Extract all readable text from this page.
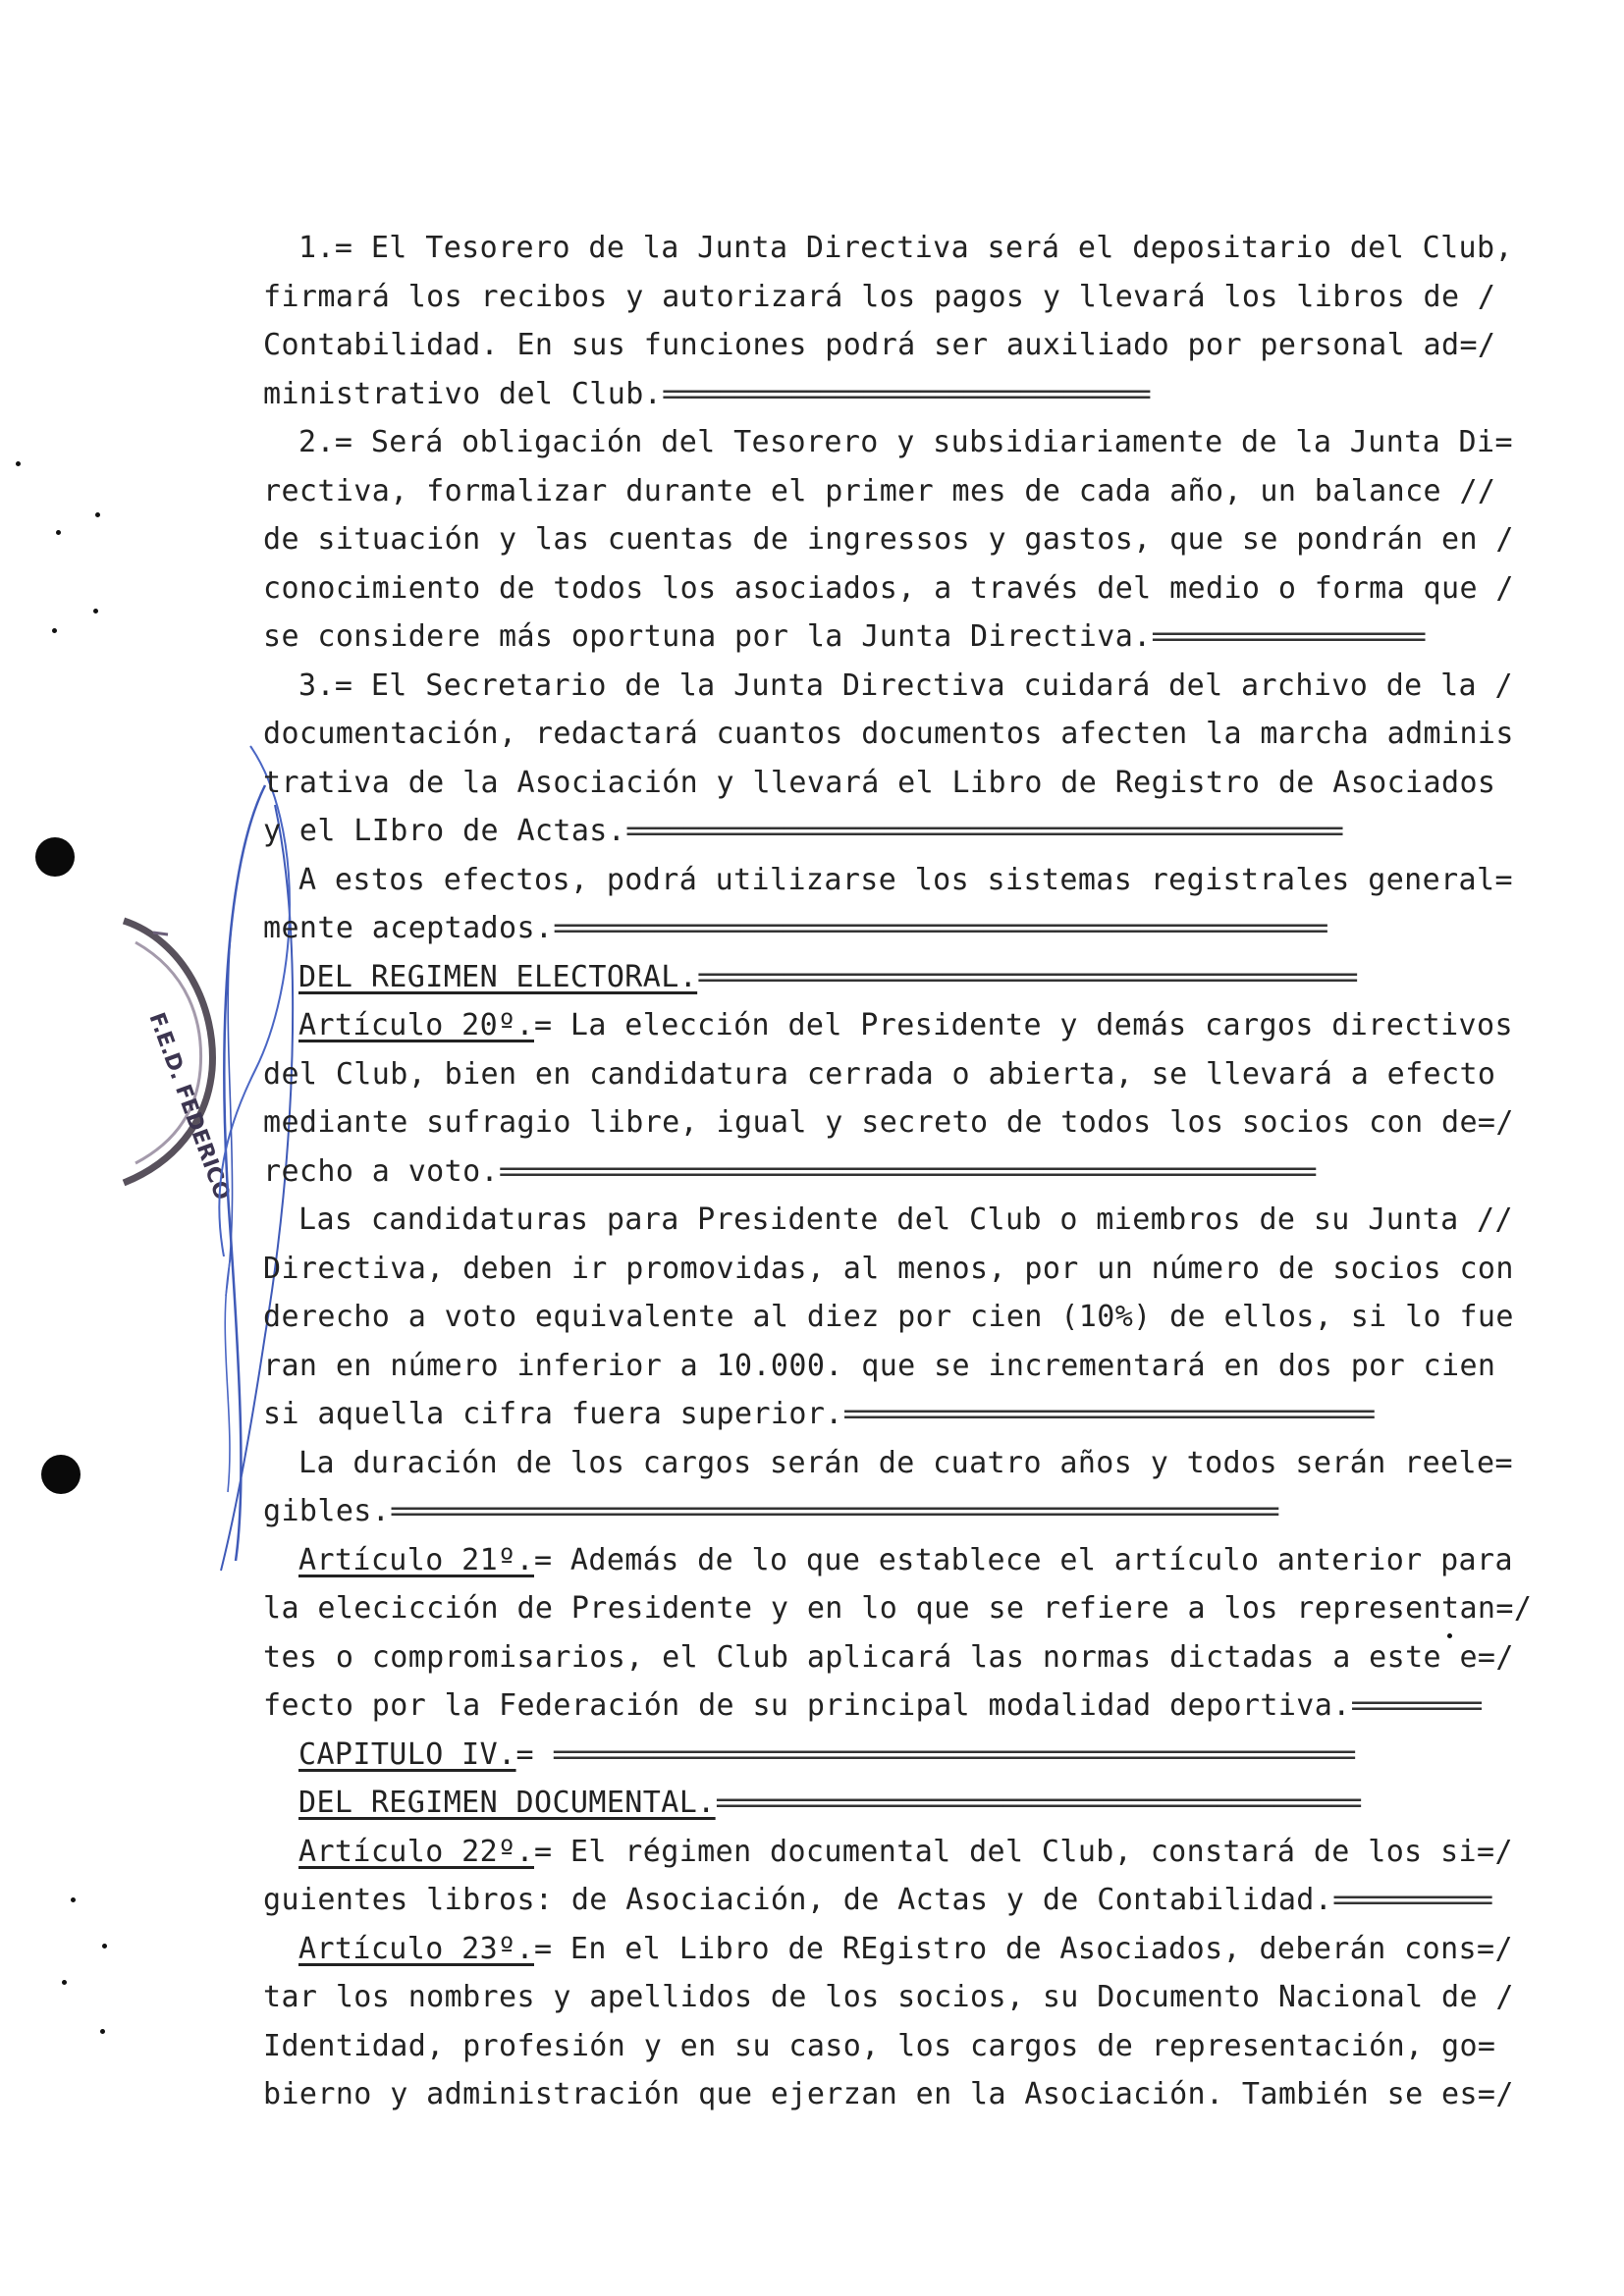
F.E.D. FEDERICO
1.= El Tesorero de la Junta Directiva será el depositario del Club,
firmará los recibos y autorizará los pagos y llevará los libros de /
Contabilidad. En sus funciones podrá ser auxiliado por personal ad=/
ministrativo del Club.==================================
2.= Será obligación del Tesorero y subsidiariamente de la Junta Di=
rectiva, formalizar durante el primer mes de cada año, un balance //
de situación y las cuentas de ingressos y gastos, que se pondrán en /
conocimiento de todos los asociados, a través del medio o forma que /
se considere más oportuna por la Junta Directiva.===================
3.= El Secretario de la Junta Directiva cuidará del archivo de la /
documentación, redactará cuantos documentos afecten la marcha adminis
trativa de la Asociación y llevará el Libro de Registro de Asociados
y el LIbro de Actas.==================================================
A estos efectos, podrá utilizarse los sistemas registrales general=
mente aceptados.======================================================
DEL REGIMEN ELECTORAL.==============================================
Artículo 20º.= La elección del Presidente y demás cargos directivos
del Club, bien en candidatura cerrada o abierta, se llevará a efecto
mediante sufragio libre, igual y secreto de todos los socios con de=/
recho a voto.=========================================================
Las candidaturas para Presidente del Club o miembros de su Junta //
Directiva, deben ir promovidas, al menos, por un número de socios con
derecho a voto equivalente al diez por cien (10%) de ellos, si lo fue
ran en número inferior a 10.000. que se incrementará en dos por cien
si aquella cifra fuera superior.=====================================
La duración de los cargos serán de cuatro años y todos serán reele=
gibles.==============================================================
Artículo 21º.= Además de lo que establece el artículo anterior para
la elecicción de Presidente y en lo que se refiere a los representan=/
tes o compromisarios, el Club aplicará las normas dictadas a este e=/
fecto por la Federación de su principal modalidad deportiva.=========
CAPITULO IV.= ========================================================
DEL REGIMEN DOCUMENTAL.=============================================
Artículo 22º.= El régimen documental del Club, constará de los si=/
guientes libros: de Asociación, de Actas y de Contabilidad.===========
Artículo 23º.= En el Libro de REgistro de Asociados, deberán cons=/
tar los nombres y apellidos de los socios, su Documento Nacional de /
Identidad, profesión y en su caso, los cargos de representación, go=
bierno y administración que ejerzan en la Asociación. También se es=/
